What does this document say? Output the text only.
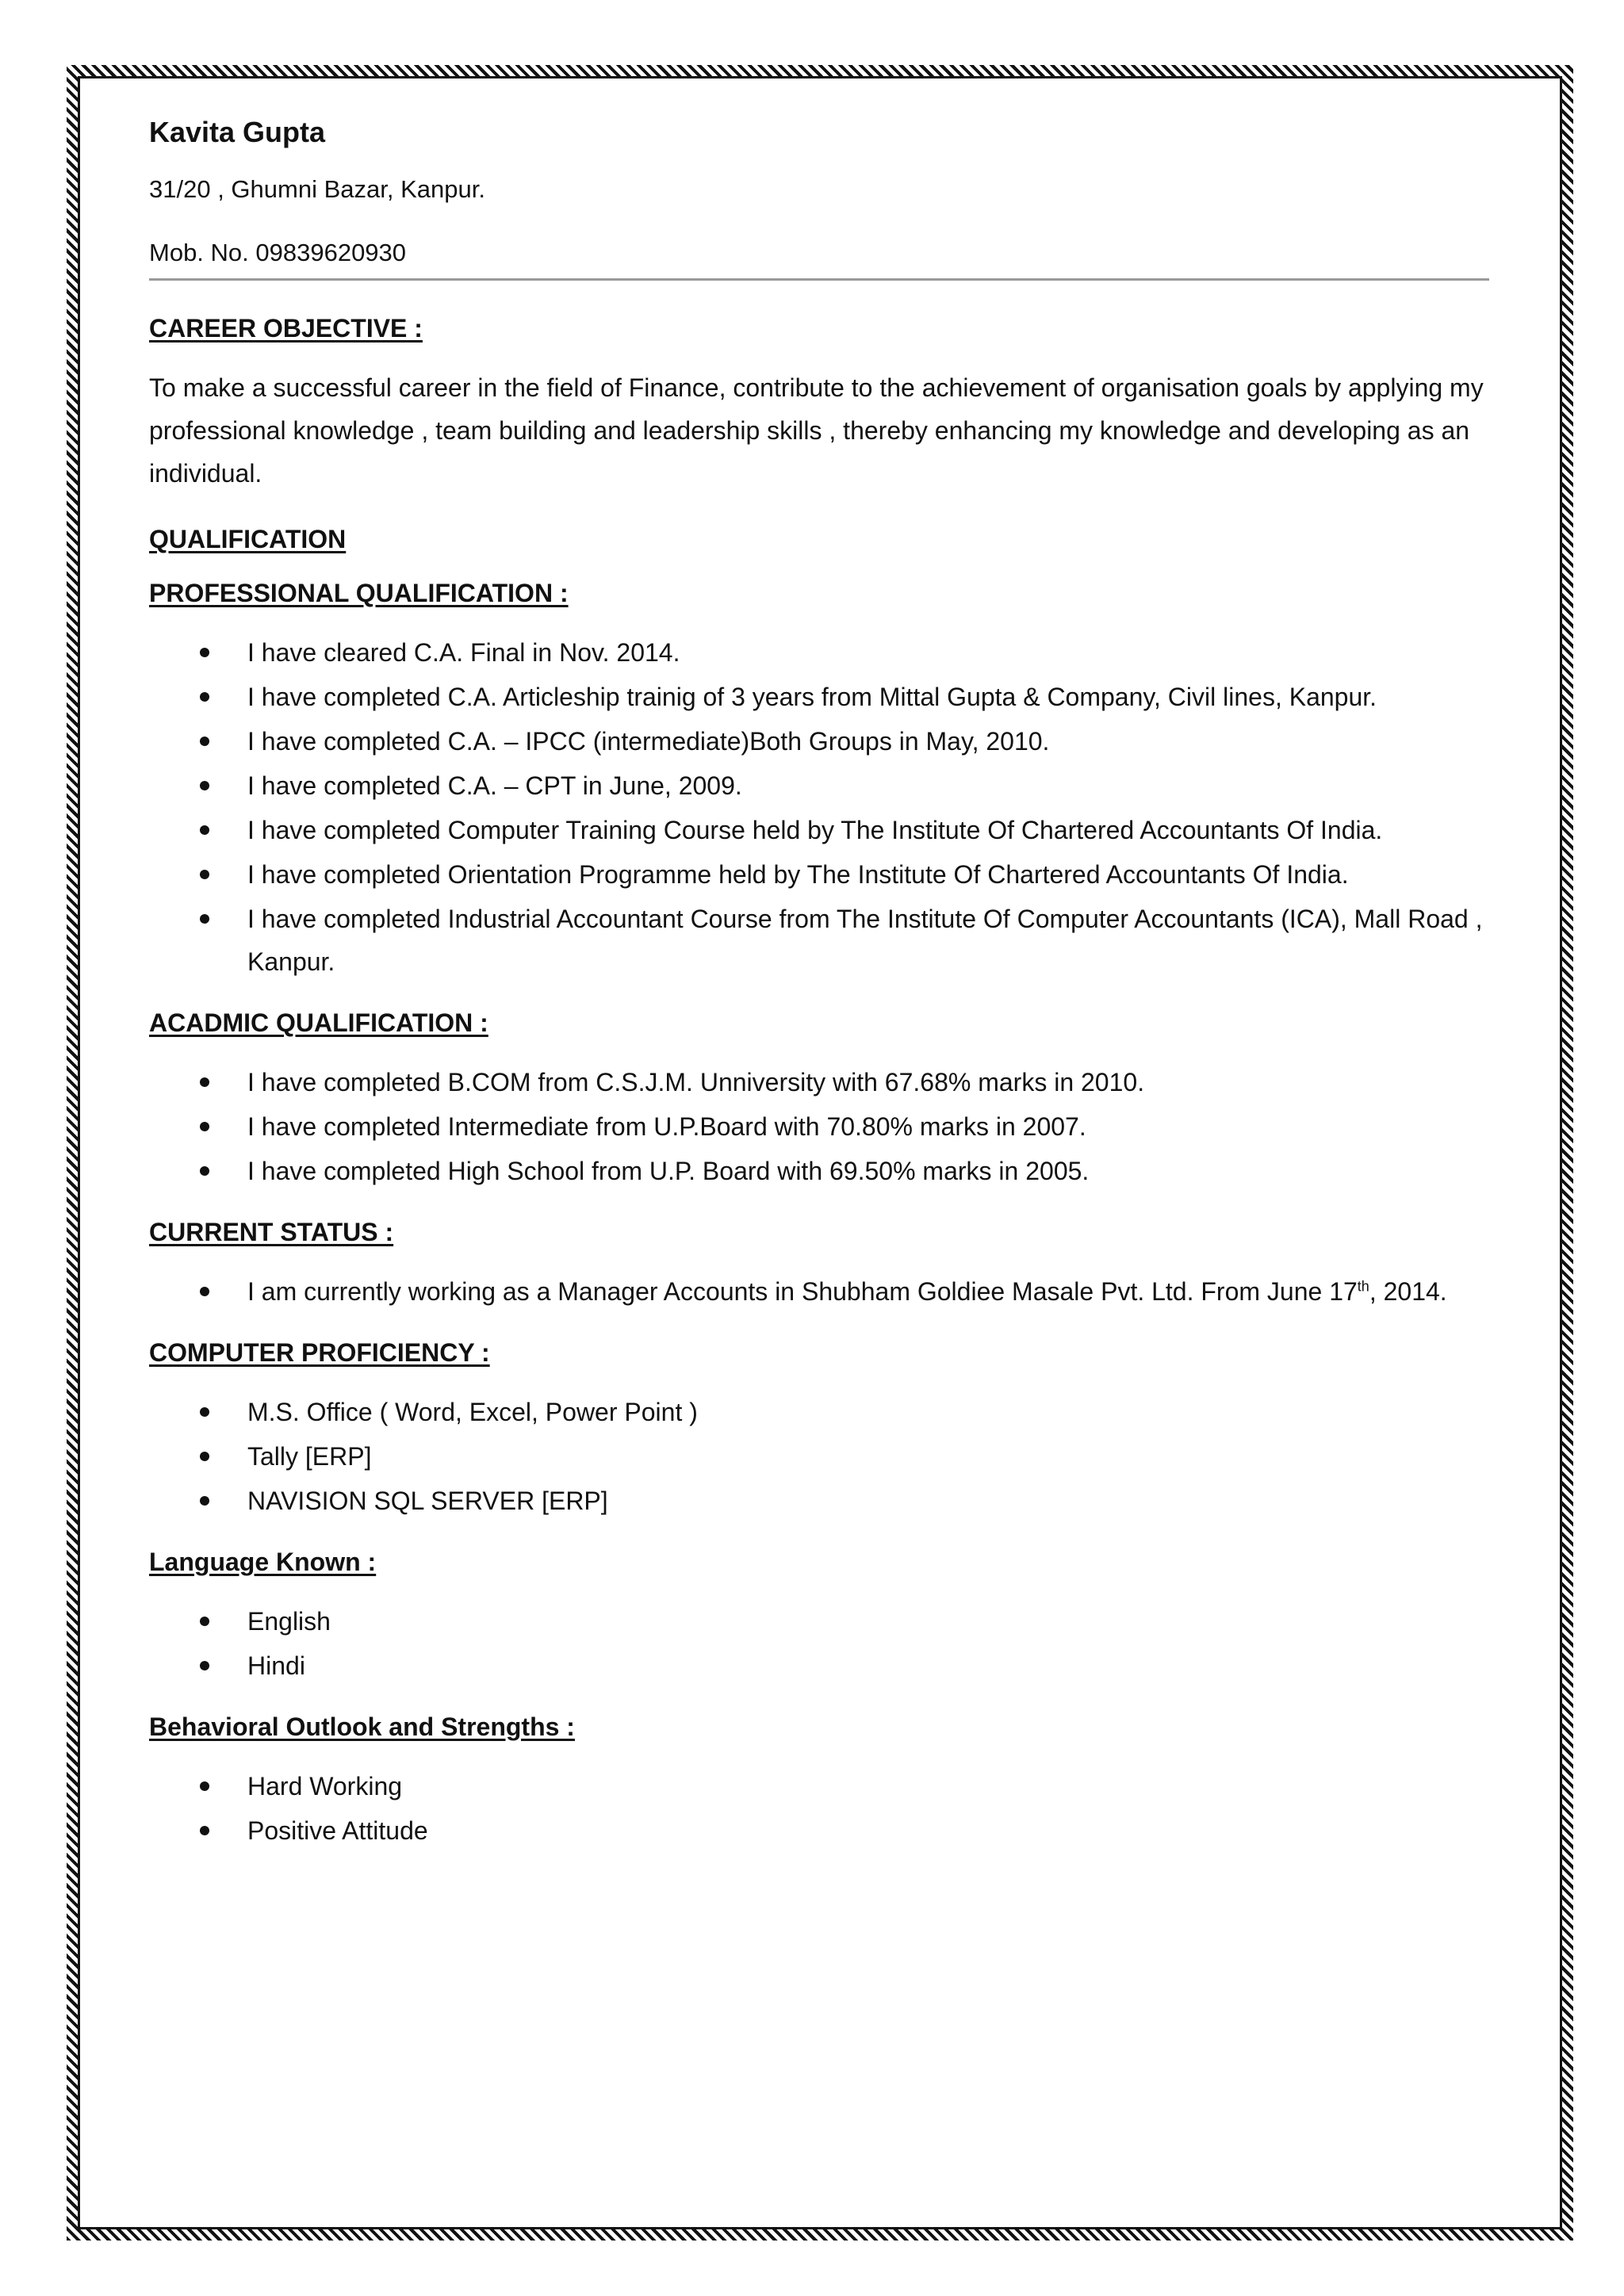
Kavita Gupta
31/20 , Ghumni Bazar, Kanpur.
Mob. No. 09839620930
CAREER OBJECTIVE :
To make a successful career in the field of Finance, contribute to the achievement of organisation goals by applying my professional knowledge , team building and leadership skills , thereby enhancing my knowledge and developing as an individual.
QUALIFICATION
PROFESSIONAL QUALIFICATION :
I have cleared C.A. Final in Nov. 2014.
I have completed C.A. Articleship trainig of 3 years from Mittal Gupta & Company, Civil lines, Kanpur.
I have completed C.A. – IPCC (intermediate)Both Groups in May, 2010.
I have completed C.A. – CPT in June, 2009.
I have completed Computer Training Course held by The Institute Of Chartered Accountants Of India.
I have completed Orientation Programme held by The Institute Of Chartered Accountants Of India.
I have completed Industrial Accountant Course from The Institute Of Computer Accountants (ICA), Mall Road , Kanpur.
ACADMIC QUALIFICATION :
I have completed B.COM from C.S.J.M. Unniversity with 67.68% marks in 2010.
I have completed Intermediate from U.P.Board with 70.80% marks in 2007.
I have completed High School from U.P. Board with 69.50% marks in 2005.
CURRENT STATUS :
I am currently working as a Manager Accounts in Shubham Goldiee Masale Pvt. Ltd. From June 17th, 2014.
COMPUTER PROFICIENCY :
M.S. Office ( Word, Excel, Power Point )
Tally [ERP]
NAVISION SQL SERVER [ERP]
Language Known :
English
Hindi
Behavioral Outlook and Strengths :
Hard Working
Positive Attitude
